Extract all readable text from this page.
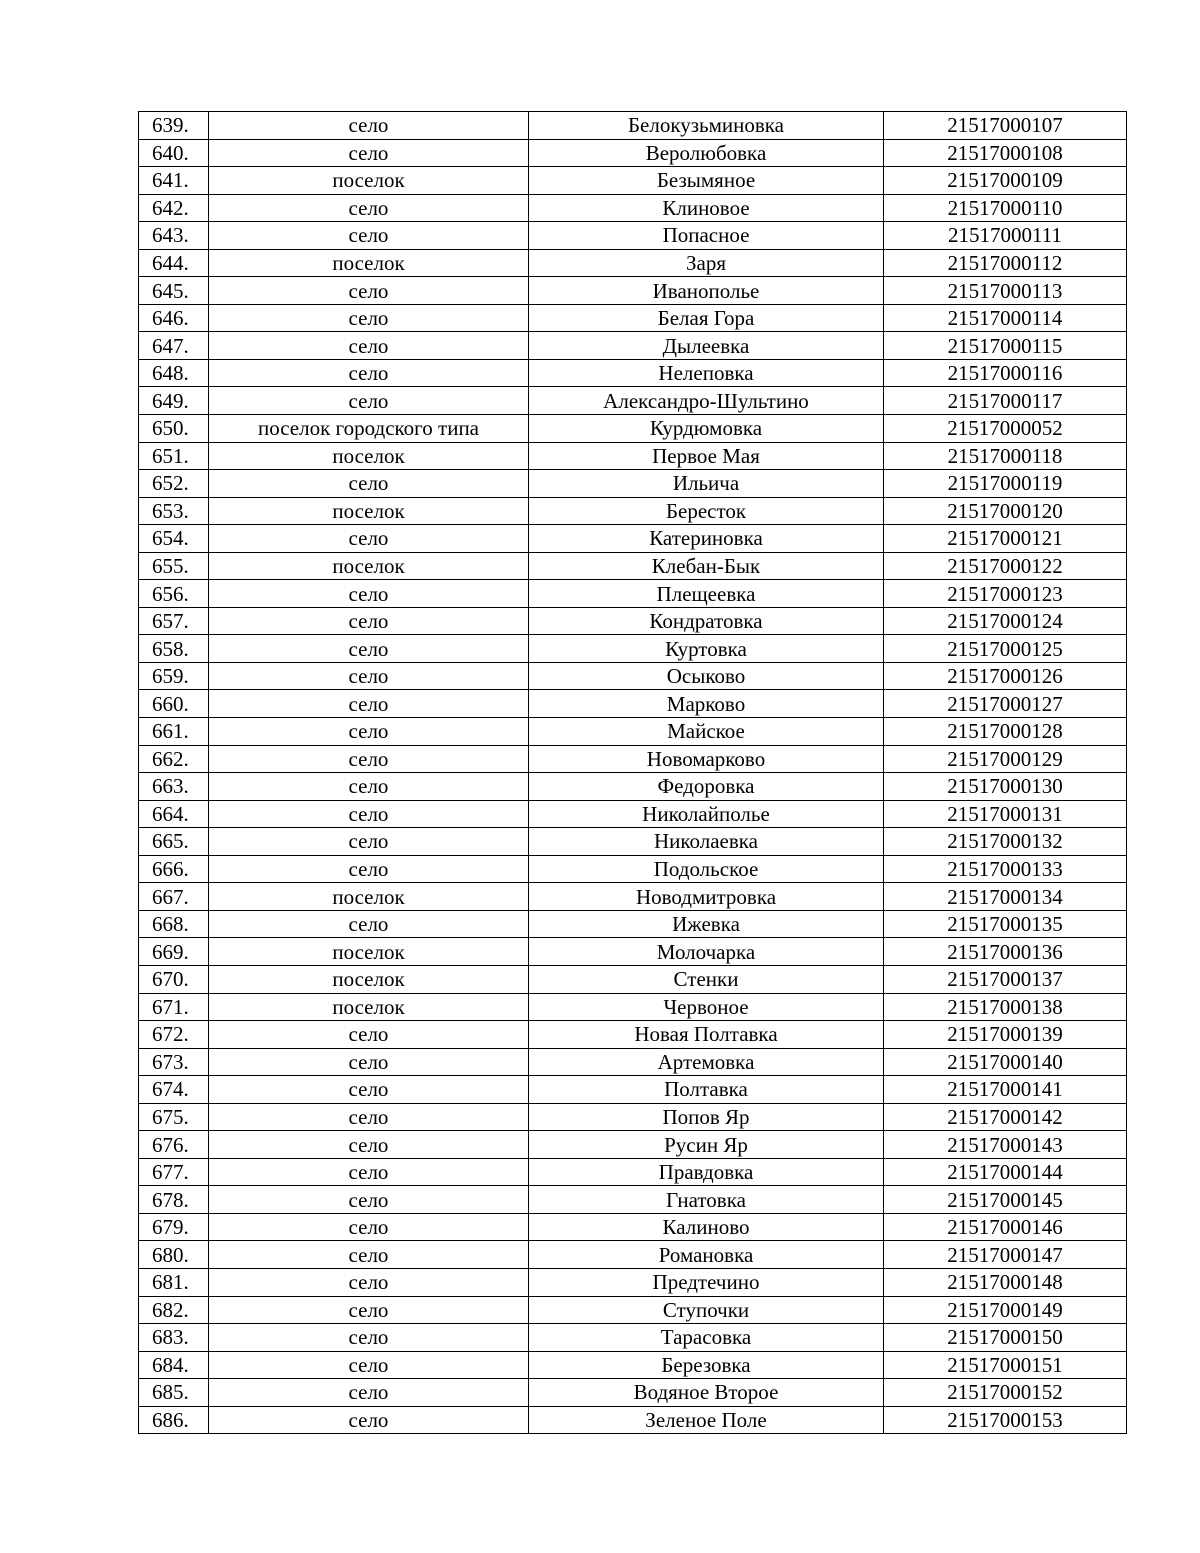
639.	село	Белокузьминовка	21517000107
640.	село	Веролюбовка	21517000108
641.	поселок	Безымяное	21517000109
642.	село	Клиновое	21517000110
643.	село	Попасное	21517000111
644.	поселок	Заря	21517000112
645.	село	Иванополье	21517000113
646.	село	Белая Гора	21517000114
647.	село	Дылеевка	21517000115
648.	село	Нелеповка	21517000116
649.	село	Александро-Шультино	21517000117
650.	поселок городского типа	Курдюмовка	21517000052
651.	поселок	Первое Мая	21517000118
652.	село	Ильича	21517000119
653.	поселок	Берeсток	21517000120
654.	село	Катериновка	21517000121
655.	поселок	Клебан-Бык	21517000122
656.	село	Плещеевка	21517000123
657.	село	Кондратовка	21517000124
658.	село	Куртовка	21517000125
659.	село	Осыково	21517000126
660.	село	Марково	21517000127
661.	село	Майское	21517000128
662.	село	Новомарково	21517000129
663.	село	Федоровка	21517000130
664.	село	Николайполье	21517000131
665.	село	Николаевка	21517000132
666.	село	Подольское	21517000133
667.	поселок	Новодмитровка	21517000134
668.	село	Ижевка	21517000135
669.	поселок	Молочарка	21517000136
670.	поселок	Стенки	21517000137
671.	поселок	Червоное	21517000138
672.	село	Новая Полтавка	21517000139
673.	село	Артемовка	21517000140
674.	село	Полтавка	21517000141
675.	село	Попов Яр	21517000142
676.	село	Русин Яр	21517000143
677.	село	Правдовка	21517000144
678.	село	Гнатовка	21517000145
679.	село	Калиново	21517000146
680.	село	Романовка	21517000147
681.	село	Предтечино	21517000148
682.	село	Ступочки	21517000149
683.	село	Тарасовка	21517000150
684.	село	Березовка	21517000151
685.	село	Водяное Второе	21517000152
686.	село	Зеленое Поле	21517000153
